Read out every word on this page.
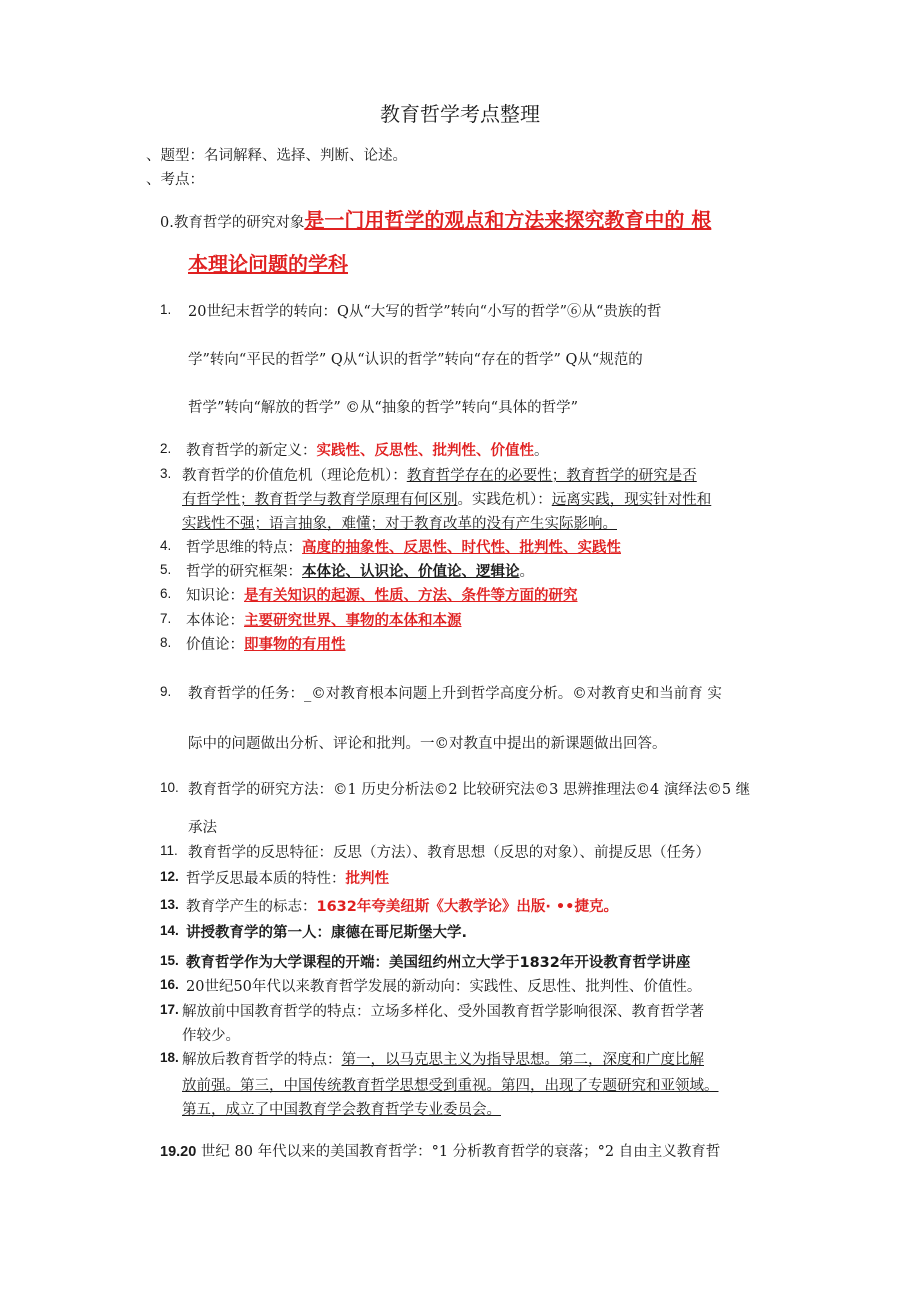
教育哲学考点整理
、题型：名词解释、选择、判断、论述。
、考点：
0.教育哲学的研究对象是一门用哲学的观点和方法来探究教育中的 根
本理论问题的学科
1. 20世纪末哲学的转向：Q从“大写的哲学”转向“小写的哲学”⑥从“贵族的哲
学”转向“平民的哲学” Q从“认识的哲学”转向“存在的哲学” Q从“规范的
哲学”转向“解放的哲学” ©从“抽象的哲学”转向“具体的哲学”
2. 教育哲学的新定义：实践性、反思性、批判性、价值性。
3. 教育哲学的价值危机（理论危机）：教育哲学存在的必要性；教育哲学的研究是否
有哲学性；教育哲学与教育学原理有何区别。实践危机）：远离实践，现实针对性和
实践性不强；语言抽象，难懂；对于教育改革的没有产生实际影响。
4. 哲学思维的特点：高度的抽象性、反思性、时代性、批判性、实践性
5. 哲学的研究框架：本体论、认识论、价值论、逻辑论。
6. 知识论：是有关知识的起源、性质、方法、条件等方面的研究
7. 本体论：主要研究世界、事物的本体和本源
8. 价值论：即事物的有用性
9. 教育哲学的任务：_©对教育根本问题上升到哲学高度分析。©对教育史和当前育 实
际中的问题做出分析、评论和批判。一©对教直中提出的新课题做出回答。
10. 教育哲学的研究方法：©1 历史分析法©2 比较研究法©3 思辨推理法©4 演绎法©5 继
承法
11. 教育哲学的反思特征：反思（方法）、教育思想（反思的对象）、前提反思（任务）
12. 哲学反思最本质的特性：批判性
13. 教育学产生的标志：1632年夸美纽斯《大教学论》出版· ••捷克。
14. 讲授教育学的第一人：康德在哥尼斯堡大学.
15. 教育哲学作为大学课程的开端：美国纽约州立大学于1832年开设教育哲学讲座
16. 20世纪50年代以来教育哲学发展的新动向：实践性、反思性、批判性、价值性。
17. 解放前中国教育哲学的特点：立场多样化、受外国教育哲学影响很深、教育哲学著
作较少。
18. 解放后教育哲学的特点：第一，以马克思主义为指导思想。第二，深度和广度比解
放前强。第三，中国传统教育哲学思想受到重视。第四，出现了专题研究和亚领域。
第五，成立了中国教育学会教育哲学专业委员会。
19.20 世纪 80 年代以来的美国教育哲学：°1 分析教育哲学的衰落；°2 自由主义教育哲
